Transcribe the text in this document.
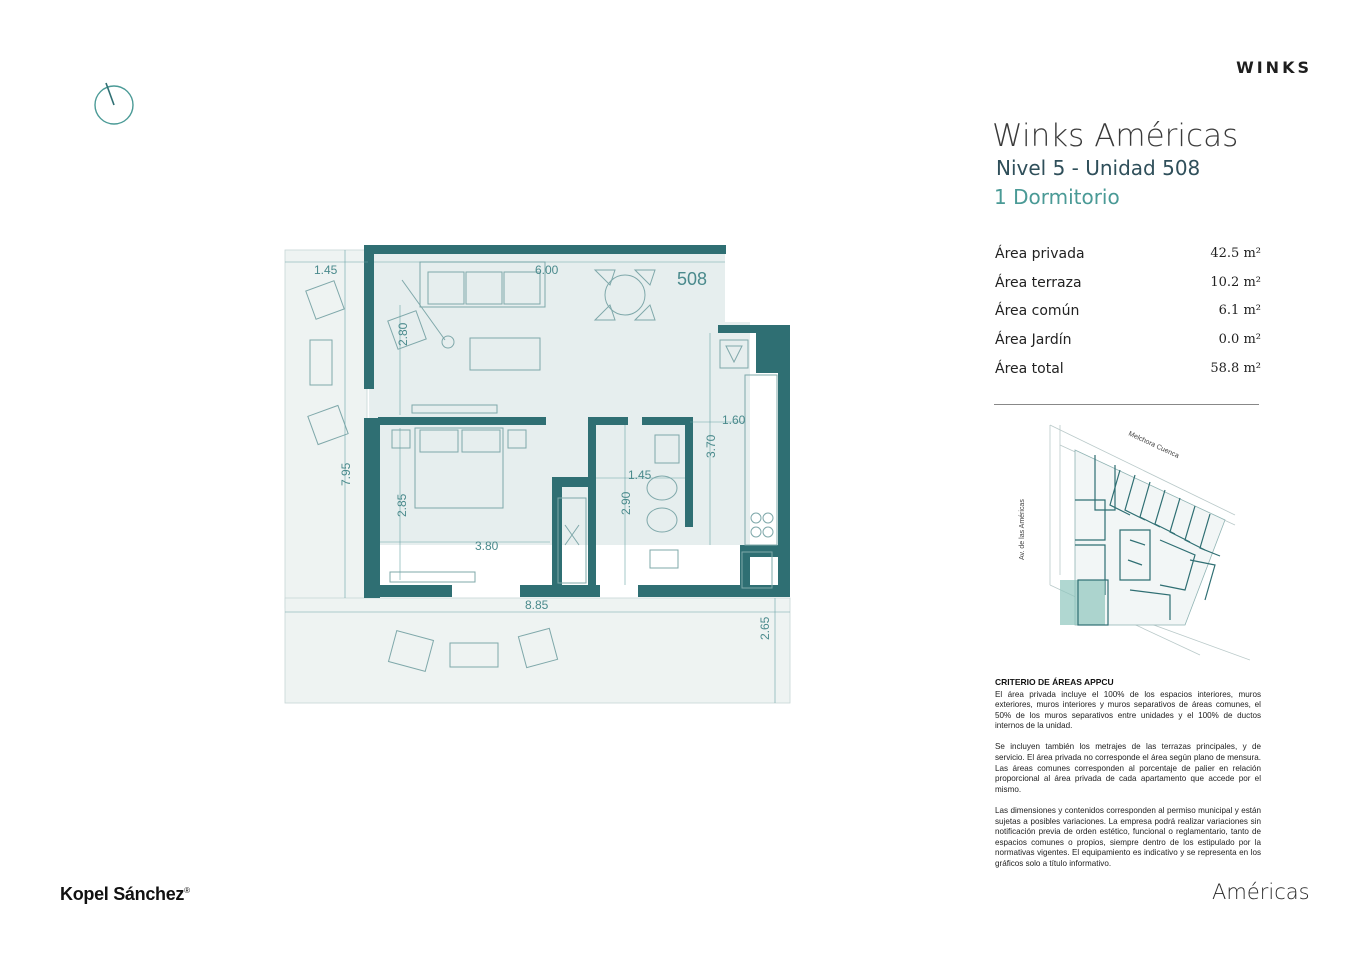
WINKS
Winks Américas
Nivel 5 - Unidad 508
1 Dormitorio
Área privada	42.5 m²
Área terraza	10.2 m²
Área común	6.1 m²
Área Jardín	0.0 m²
Área total	58.8 m²
Melchora Cuenca
Av. de las Américas
1.45	6.00
2.80
1.60
3.70
7.95
2.85
1.45
2.90
3.80
8.85
2.65
508
CRITERIO DE ÁREAS APPCU

El área privada incluye el 100% de los espacios interiores, muros exteriores, muros interiores y muros separativos de áreas comunes, el 50% de los muros separativos entre unidades y el 100% de ductos internos de la unidad.

Se incluyen también los metrajes de las terrazas principales, y de servicio. El área privada no corresponde el área según plano de mensura. Las áreas comunes corresponden al porcentaje de palier en relación proporcional al área privada de cada apartamento que accede por el mismo.

Las dimensiones y contenidos corresponden al permiso municipal y están sujetas a posibles variaciones. La empresa podrá realizar variaciones sin notificación previa de orden estético, funcional o reglamentario, tanto de espacios comunes o propios, siempre dentro de los estipulado por la normativas vigentes. El equipamiento es indicativo y se representa en los gráficos solo a título informativo.

Kopel Sánchez®	Américas
